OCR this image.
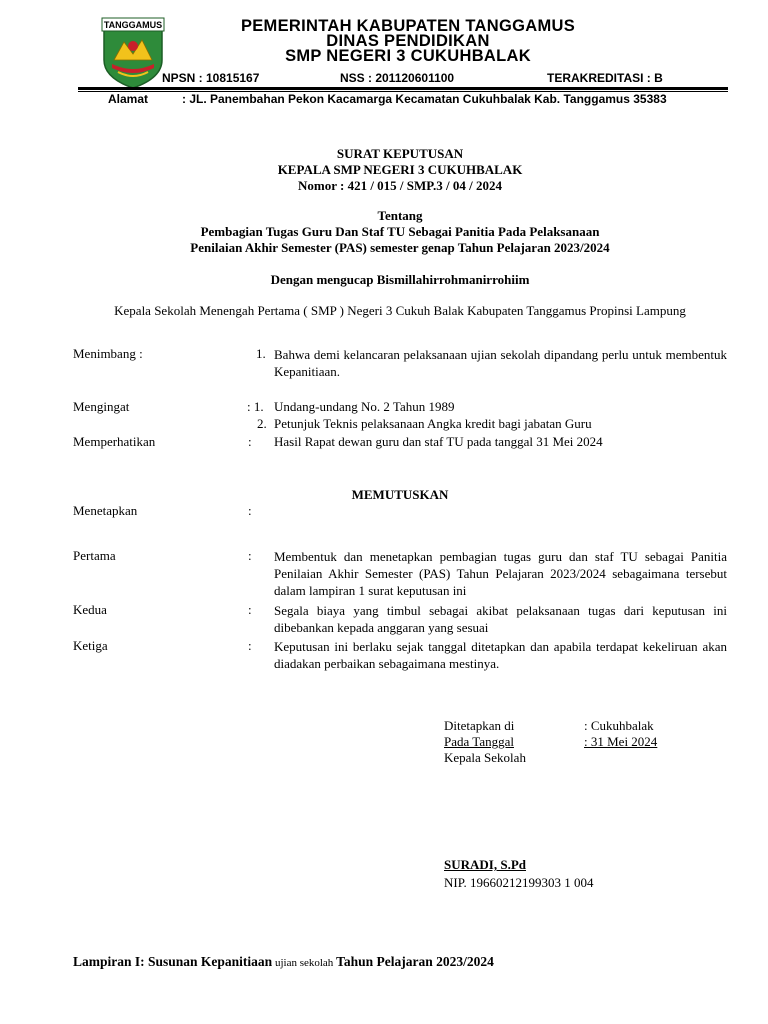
TANGGAMUS	PEMERINTAH KABUPATEN TANGGAMUS
DINAS PENDIDIKAN
SMP NEGERI 3 CUKUHBALAK
NPSN : 10815167	NSS : 201120601100	TERAKREDITASI : B
Alamat	: JL. Panembahan Pekon Kacamarga Kecamatan Cukuhbalak Kab. Tanggamus 35383
SURAT KEPUTUSAN
KEPALA SMP NEGERI 3 CUKUHBALAK
Nomor : 421 / 015 / SMP.3 / 04 / 2024
Tentang
Pembagian Tugas Guru Dan Staf TU Sebagai Panitia Pada Pelaksanaan
Penilaian Akhir Semester (PAS) semester genap Tahun Pelajaran 2023/2024
Dengan mengucap Bismillahirrohmanirrohiim
Kepala Sekolah Menengah Pertama ( SMP ) Negeri 3 Cukuh Balak Kabupaten Tanggamus Propinsi Lampung
Menimbang :	1. Bahwa demi kelancaran pelaksanaan ujian sekolah dipandang perlu untuk membentuk Kepanitiaan.
Mengingat	: 1. Undang-undang No. 2 Tahun 1989
2. Petunjuk Teknis pelaksanaan Angka kredit bagi jabatan Guru
Memperhatikan	: Hasil Rapat dewan guru dan staf TU pada tanggal 31 Mei 2024
MEMUTUSKAN
Menetapkan	:
Pertama	: Membentuk dan menetapkan pembagian tugas guru dan staf TU sebagai Panitia Penilaian Akhir Semester (PAS) Tahun Pelajaran 2023/2024 sebagaimana tersebut dalam lampiran 1 surat keputusan ini
Kedua	: Segala biaya yang timbul sebagai akibat pelaksanaan tugas dari keputusan ini dibebankan kepada anggaran yang sesuai
Ketiga	: Keputusan ini berlaku sejak tanggal ditetapkan dan apabila terdapat kekeliruan akan diadakan perbaikan sebagaimana mestinya.
Ditetapkan di	: Cukuhbalak
Pada Tanggal	: 31 Mei 2024
Kepala Sekolah
SURADI, S.Pd
NIP. 19660212199303 1 004
Lampiran I: Susunan Kepanitiaan ujian sekolah Tahun Pelajaran 2023/2024
